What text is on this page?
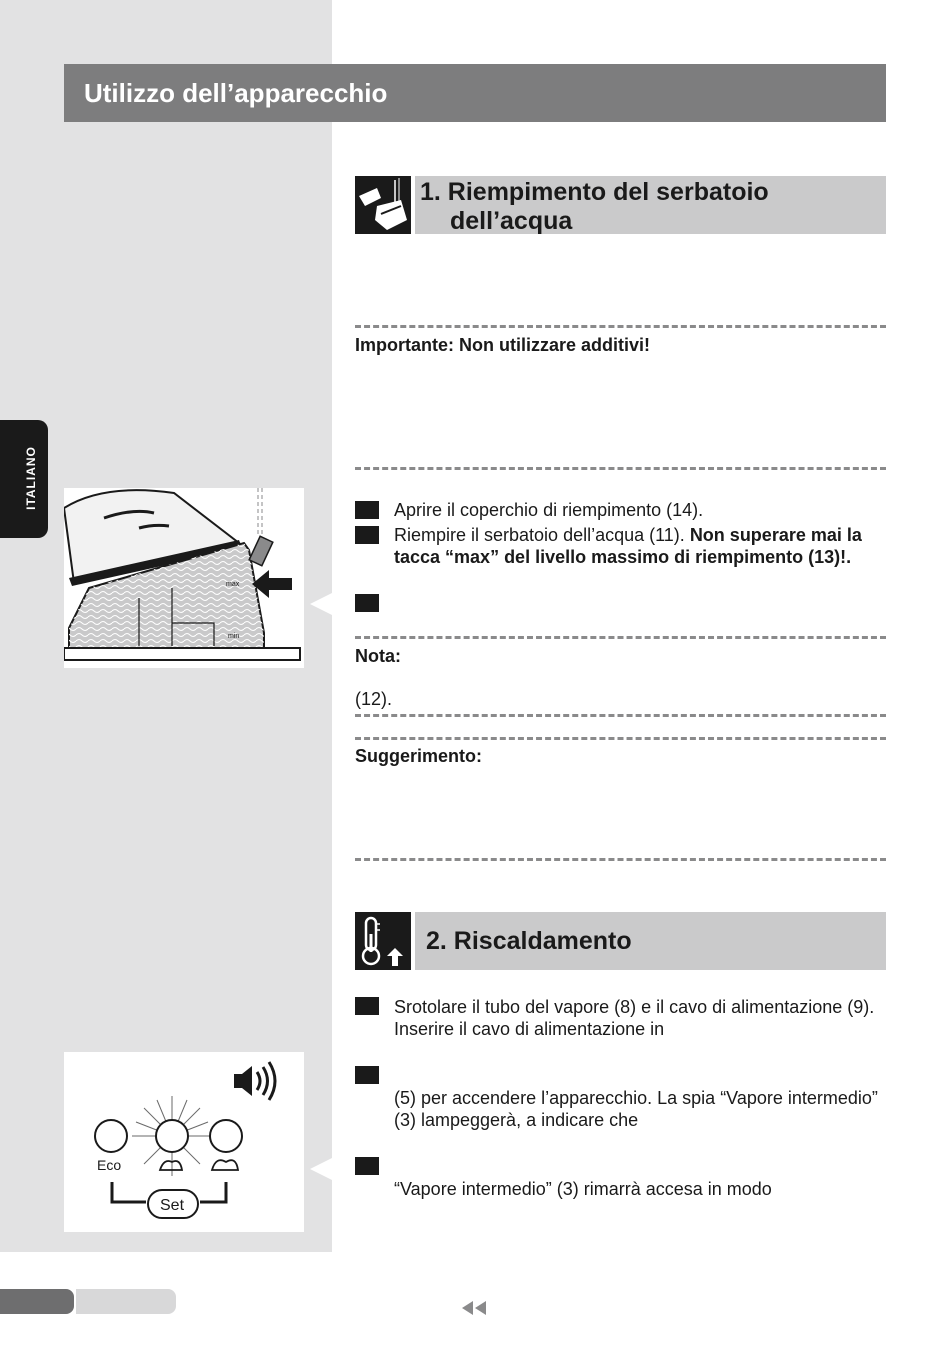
Utilizzo dell’apparecchio
ITALIANO
1. Riempimento del serbatoio
dell’acqua
Importante: Non utilizzare additivi!
max
min
Aprire il coperchio di riempimento (14).
Riempire il serbatoio dell’acqua (11). Non superare mai la tacca “max” del livello massimo di riempimento (13)!.
Nota:
(12).
Suggerimento:
2. Riscaldamento
Srotolare il tubo del vapore (8) e il cavo di alimentazione (9). Inserire il cavo di alimentazione in
(5) per accendere l’apparecchio. La spia “Vapore intermedio” (3) lampeggerà, a indicare che
“Vapore intermedio” (3) rimarrà accesa in modo
Eco
Set
